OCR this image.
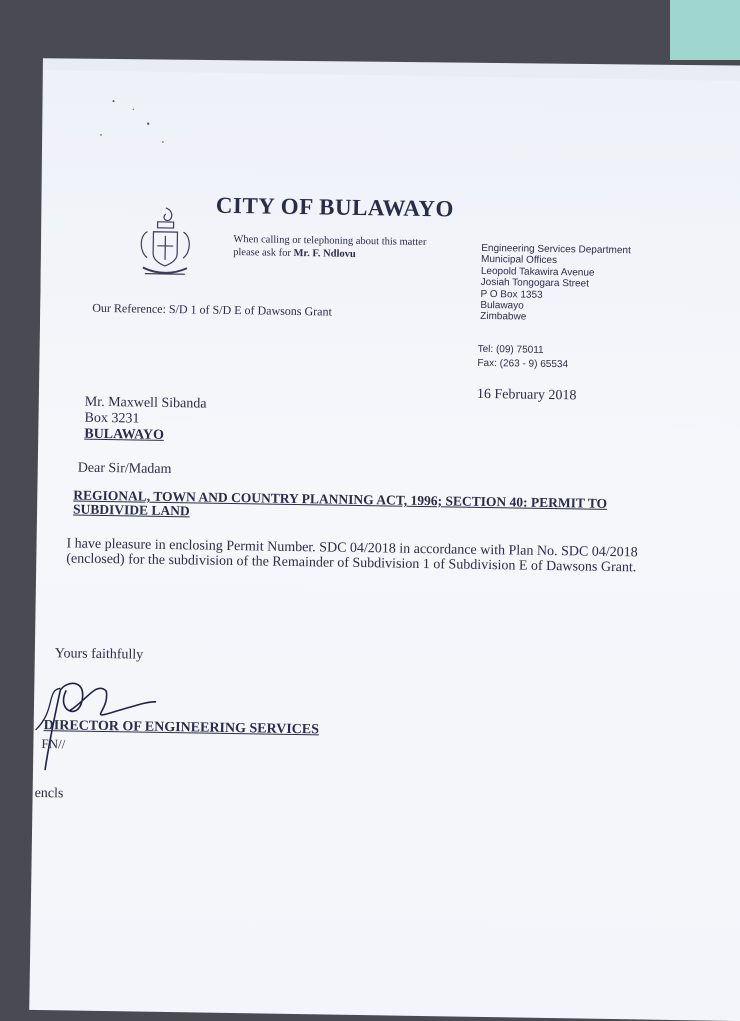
CITY OF BULAWAYO
When calling or telephoning about this matter
please ask for Mr. F. Ndlovu	Engineering Services Department
Municipal Offices
Leopold Takawira Avenue
Josiah Tongogara Street
P O Box 1353
Bulawayo
Zimbabwe
Our Reference: S/D 1 of S/D E of Dawsons Grant
Tel: (09) 75011
Fax: (263 - 9) 65534
16 February 2018
Mr. Maxwell Sibanda
Box 3231
BULAWAYO
Dear Sir/Madam
REGIONAL, TOWN AND COUNTRY PLANNING ACT, 1996; SECTION 40: PERMIT TO SUBDIVIDE LAND
I have pleasure in enclosing Permit Number. SDC 04/2018 in accordance with Plan No. SDC 04/2018 (enclosed) for the subdivision of the Remainder of Subdivision 1 of Subdivision E of Dawsons Grant.
Yours faithfully
DIRECTOR OF ENGINEERING SERVICES
FN//
encls
